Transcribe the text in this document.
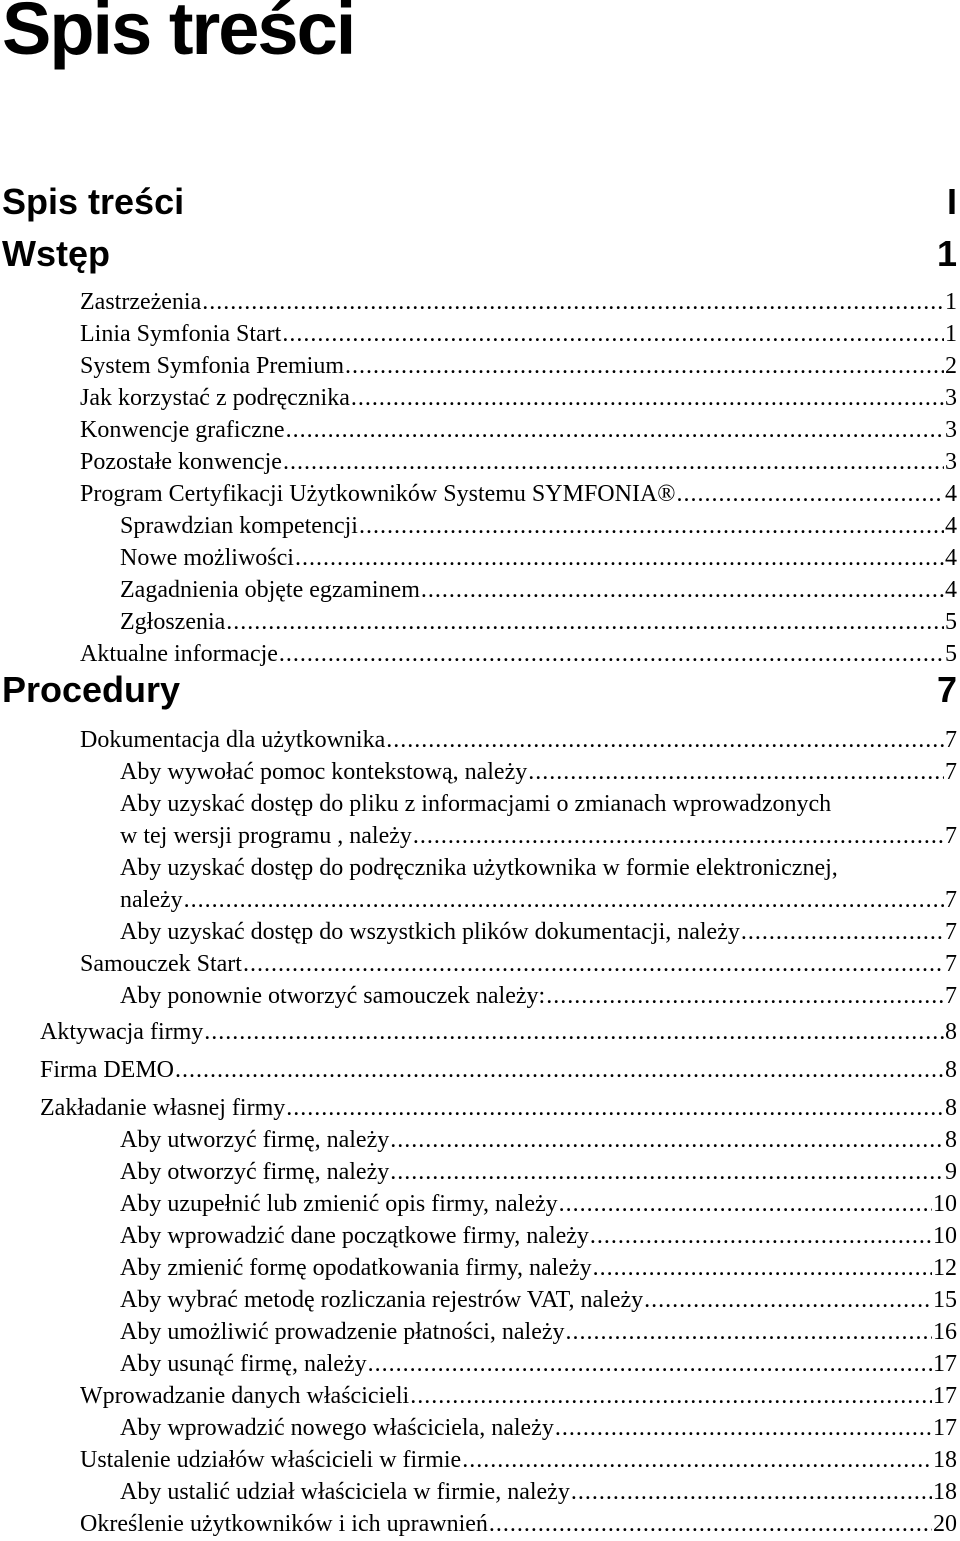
Spis treści
Spis treści	I
Wstęp	1
Zastrzeżenia .....	1
Linia Symfonia Start .....	1
System Symfonia Premium .....	2
Jak korzystać z podręcznika .....	3
Konwencje graficzne .....	3
Pozostałe konwencje .....	3
Program Certyfikacji Użytkowników Systemu SYMFONIA® .....	4
Sprawdzian kompetencji .....	4
Nowe możliwości .....	4
Zagadnienia objęte egzaminem .....	4
Zgłoszenia .....	5
Aktualne informacje .....	5
Procedury	7
Dokumentacja dla użytkownika .....	7
Aby wywołać pomoc kontekstową, należy .....	7
Aby uzyskać dostęp do pliku z informacjami o zmianach wprowadzonych
w tej wersji programu , należy .....	7
Aby uzyskać dostęp do podręcznika użytkownika w formie elektronicznej,
należy .....	7
Aby uzyskać dostęp do wszystkich plików dokumentacji, należy .....	7
Samouczek Start .....	7
Aby ponownie otworzyć samouczek należy: .....	7
Aktywacja firmy .....	8
Firma DEMO .....	8
Zakładanie własnej firmy .....	8
Aby utworzyć firmę, należy .....	8
Aby otworzyć firmę, należy .....	9
Aby uzupełnić lub zmienić opis firmy, należy .....	10
Aby wprowadzić dane początkowe firmy, należy .....	10
Aby zmienić formę opodatkowania firmy, należy .....	12
Aby wybrać metodę rozliczania rejestrów VAT, należy .....	15
Aby umożliwić prowadzenie płatności, należy .....	16
Aby usunąć firmę, należy .....	17
Wprowadzanie danych właścicieli .....	17
Aby wprowadzić nowego właściciela, należy .....	17
Ustalenie udziałów właścicieli w firmie .....	18
Aby ustalić udział właściciela w firmie, należy .....	18
Określenie użytkowników i ich uprawnień .....	20
